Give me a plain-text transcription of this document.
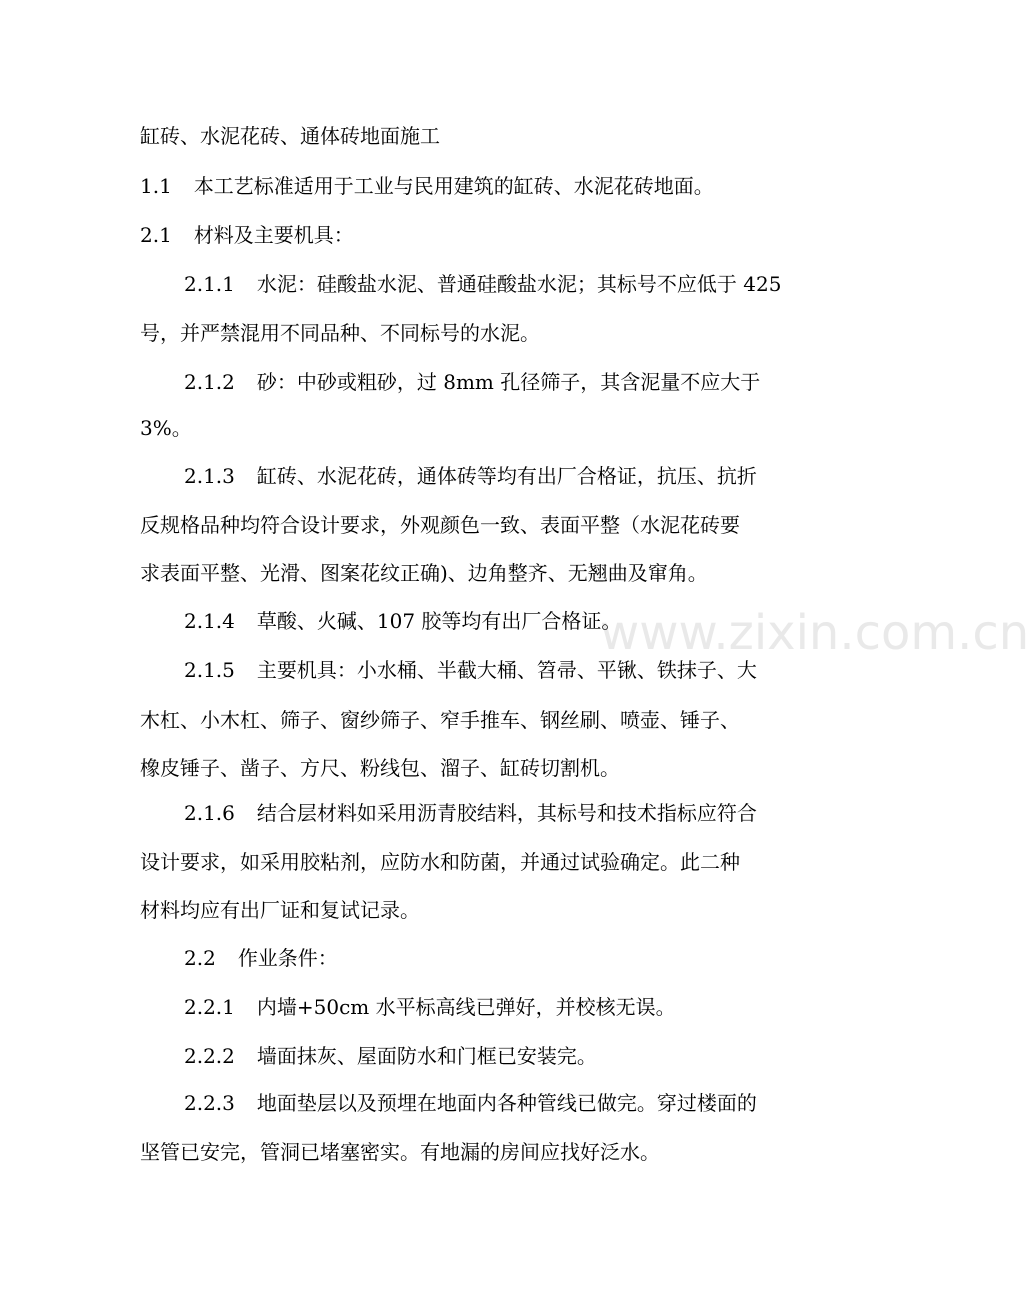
www.zixin.com.cn
缸砖、水泥花砖、通体砖地面施工
1.1 本工艺标准适用于工业与民用建筑的缸砖、水泥花砖地面。
2.1 材料及主要机具：
2.1.1 水泥：硅酸盐水泥、普通硅酸盐水泥；其标号不应低于 425
号，并严禁混用不同品种、不同标号的水泥。
2.1.2 砂：中砂或粗砂，过 8mm 孔径筛子，其含泥量不应大于
3%。
2.1.3 缸砖、水泥花砖，通体砖等均有出厂合格证，抗压、抗折
反规格品种均符合设计要求，外观颜色一致、表面平整（水泥花砖要
求表面平整、光滑、图案花纹正确)、边角整齐、无翘曲及窜角。
2.1.4 草酸、火碱、107 胶等均有出厂合格证。
2.1.5 主要机具：小水桶、半截大桶、笤帚、平锹、铁抹子、大
木杠、小木杠、筛子、窗纱筛子、窄手推车、钢丝刷、喷壶、锤子、
橡皮锤子、凿子、方尺、粉线包、溜子、缸砖切割机。
2.1.6 结合层材料如采用沥青胶结料，其标号和技术指标应符合
设计要求，如采用胶粘剂，应防水和防菌，并通过试验确定。此二种
材料均应有出厂证和复试记录。
2.2 作业条件：
2.2.1 内墙+50cm 水平标高线已弹好，并校核无误。
2.2.2 墙面抹灰、屋面防水和门框已安装完。
2.2.3 地面垫层以及预埋在地面内各种管线已做完。穿过楼面的
坚管已安完，管洞已堵塞密实。有地漏的房间应找好泛水。
